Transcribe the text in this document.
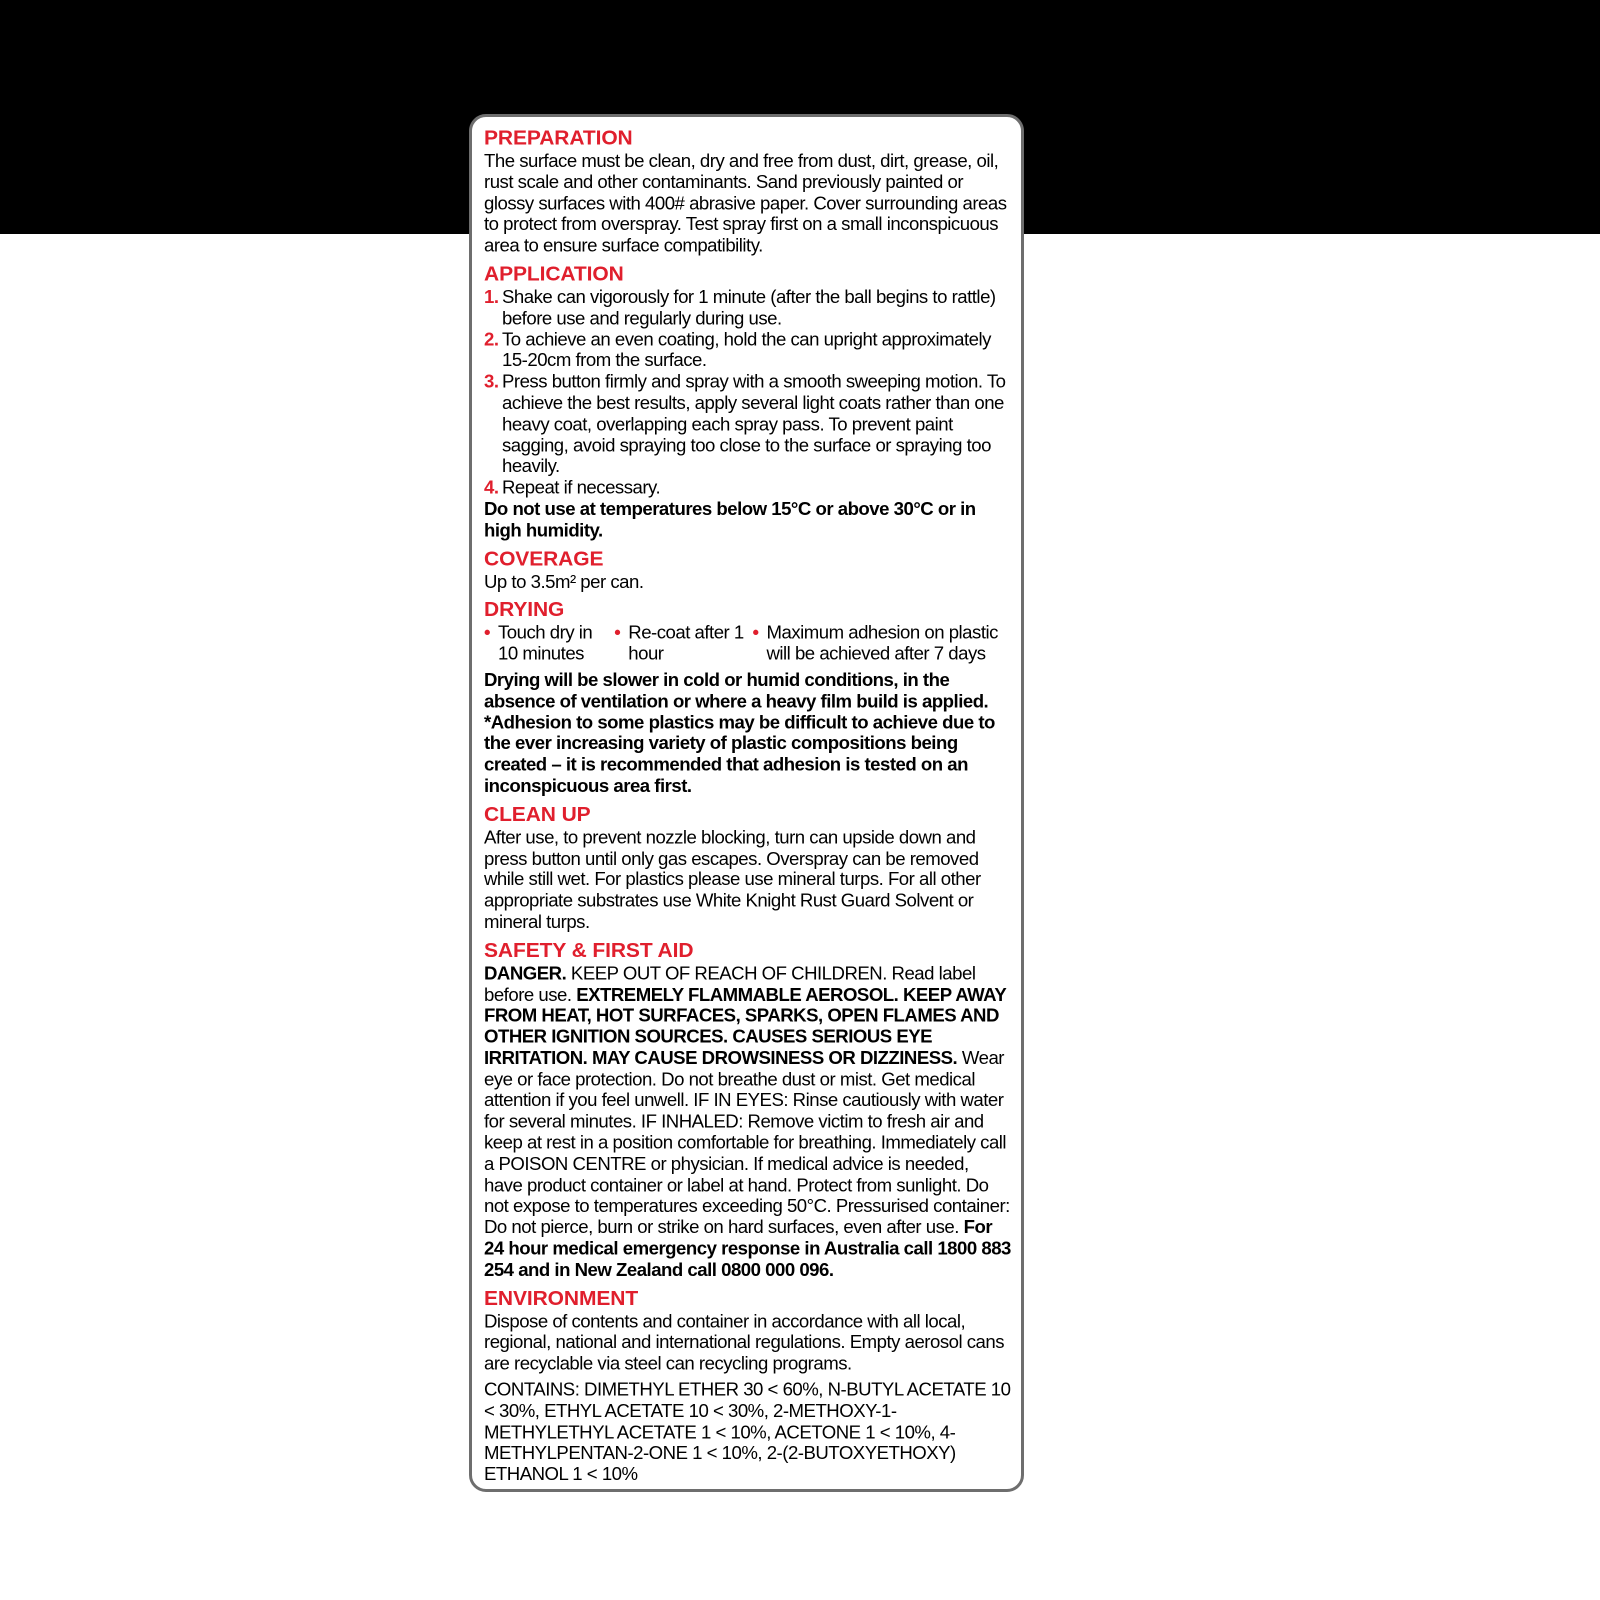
PREPARATION

The surface must be clean, dry and free from dust, dirt, grease, oil, rust scale and other contaminants. Sand previously painted or glossy surfaces with 400# abrasive paper. Cover surrounding areas to protect from overspray. Test spray first on a small inconspicuous area to ensure surface compatibility.

APPLICATION
1. Shake can vigorously for 1 minute (after the ball begins to rattle) before use and regularly during use.
2. To achieve an even coating, hold the can upright approximately 15-20cm from the surface.
3. Press button firmly and spray with a smooth sweeping motion. To achieve the best results, apply several light coats rather than one heavy coat, overlapping each spray pass. To prevent paint sagging, avoid spraying too close to the surface or spraying too heavily.
4. Repeat if necessary.

Do not use at temperatures below 15°C or above 30°C or in high humidity.

COVERAGE

Up to 3.5m² per can.

DRYING
• Touch dry in 10 minutes
• Re-coat after 1 hour
• Maximum adhesion on plastic will be achieved after 7 days

Drying will be slower in cold or humid conditions, in the absence of ventilation or where a heavy film build is applied. *Adhesion to some plastics may be difficult to achieve due to the ever increasing variety of plastic compositions being created – it is recommended that adhesion is tested on an inconspicuous area first.

CLEAN UP

After use, to prevent nozzle blocking, turn can upside down and press button until only gas escapes. Overspray can be removed while still wet. For plastics please use mineral turps. For all other appropriate substrates use White Knight Rust Guard Solvent or mineral turps.

SAFETY & FIRST AID

DANGER. KEEP OUT OF REACH OF CHILDREN. Read label before use. EXTREMELY FLAMMABLE AEROSOL. KEEP AWAY FROM HEAT, HOT SURFACES, SPARKS, OPEN FLAMES AND OTHER IGNITION SOURCES. CAUSES SERIOUS EYE IRRITATION. MAY CAUSE DROWSINESS OR DIZZINESS. Wear eye or face protection. Do not breathe dust or mist. Get medical attention if you feel unwell. IF IN EYES: Rinse cautiously with water for several minutes. IF INHALED: Remove victim to fresh air and keep at rest in a position comfortable for breathing. Immediately call a POISON CENTRE or physician. If medical advice is needed, have product container or label at hand. Protect from sunlight. Do not expose to temperatures exceeding 50°C. Pressurised container: Do not pierce, burn or strike on hard surfaces, even after use. For 24 hour medical emergency response in Australia call 1800 883 254 and in New Zealand call 0800 000 096.

ENVIRONMENT

Dispose of contents and container in accordance with all local, regional, national and international regulations. Empty aerosol cans are recyclable via steel can recycling programs.

CONTAINS: DIMETHYL ETHER 30 < 60%, N-BUTYL ACETATE 10 < 30%, ETHYL ACETATE 10 < 30%, 2-METHOXY-1-METHYLETHYL ACETATE 1 < 10%, ACETONE 1 < 10%, 4-METHYLPENTAN-2-ONE 1 < 10%, 2-(2-BUTOXYETHOXY) ETHANOL 1 < 10%
